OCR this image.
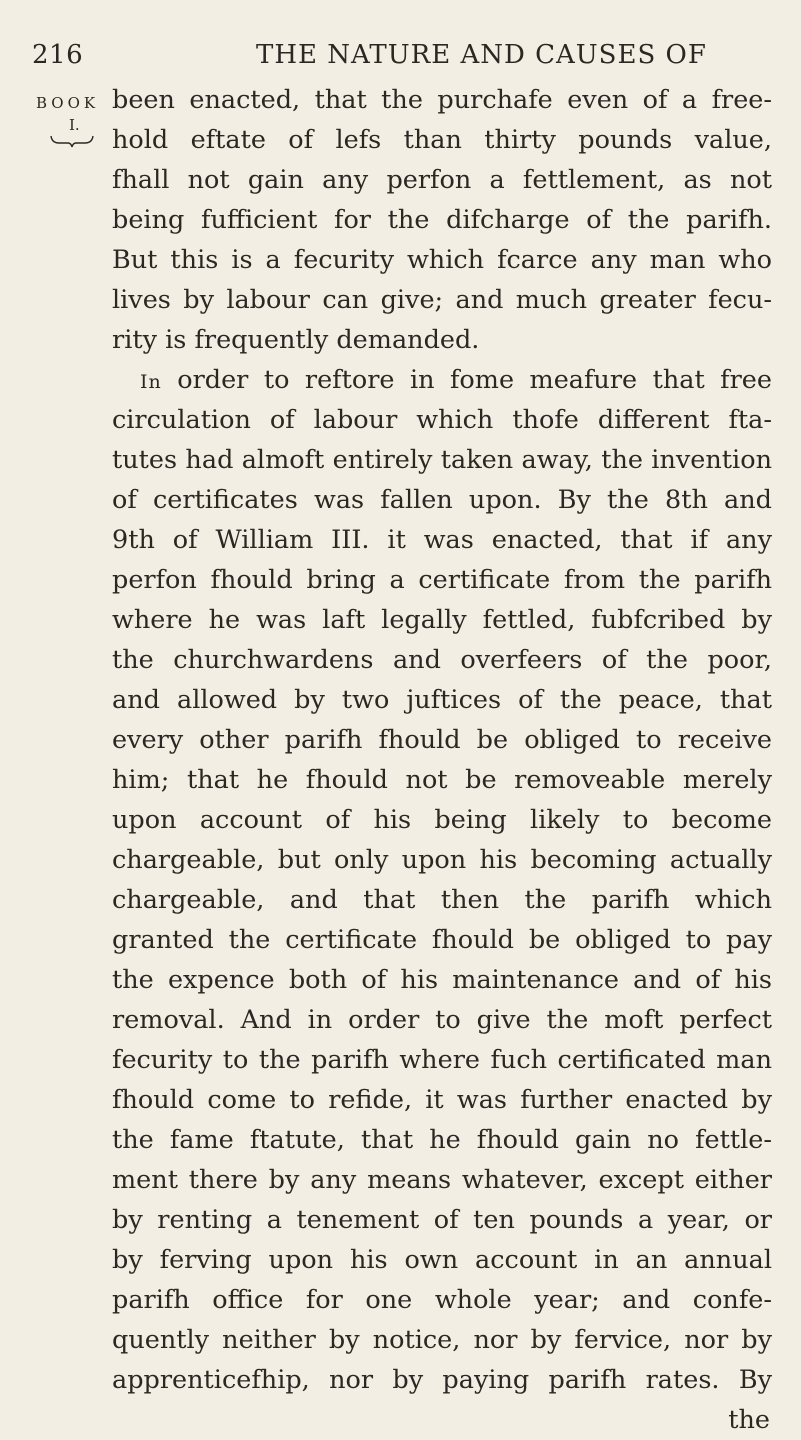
216	THE NATURE AND CAUSES OF
BOOK
I.
been enacted, that the purchafe even of a free-
hold eftate of lefs than thirty pounds value,
fhall not gain any perfon a fettlement, as not
being fufficient for the difcharge of the parifh.
But this is a fecurity which fcarce any man who
lives by labour can give; and much greater fecu-
rity is frequently demanded.
In order to reftore in fome meafure that free
circulation of labour which thofe different fta-
tutes had almoft entirely taken away, the invention
of certificates was fallen upon. By the 8th and
9th of William III. it was enacted, that if any
perfon fhould bring a certificate from the parifh
where he was laft legally fettled, fubfcribed by
the churchwardens and overfeers of the poor,
and allowed by two juftices of the peace, that
every other parifh fhould be obliged to receive
him; that he fhould not be removeable merely
upon account of his being likely to become
chargeable, but only upon his becoming actually
chargeable, and that then the parifh which
granted the certificate fhould be obliged to pay
the expence both of his maintenance and of his
removal. And in order to give the moft perfect
fecurity to the parifh where fuch certificated man
fhould come to refide, it was further enacted by
the fame ftatute, that he fhould gain no fettle-
ment there by any means whatever, except either
by renting a tenement of ten pounds a year, or
by ferving upon his own account in an annual
parifh office for one whole year; and confe-
quently neither by notice, nor by fervice, nor by
apprenticefhip, nor by paying parifh rates. By
the
